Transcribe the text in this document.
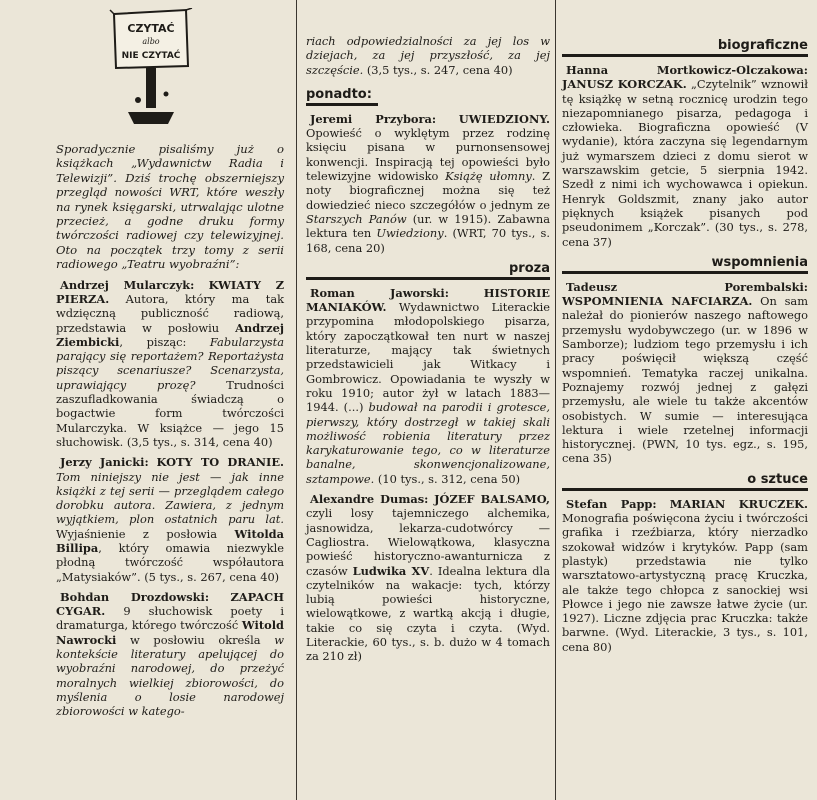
CZYTAĆ
albo
NIE CZYTAĆ

Sporadycznie pisaliśmy już o książkach „Wydawnictw Radia i Telewizji”. Dziś trochę obszerniejszy przegląd nowości WRT, które weszły na rynek księgarski, utrwalając ulotne przecież, a godne druku formy twórczości radiowej czy telewizyjnej. Oto na początek trzy tomy z serii radiowego „Teatru wyobraźni”:

Andrzej Mularczyk: KWIATY Z PIERZA. Autora, który ma tak wdzięczną publiczność radiową, przedstawia w posłowiu Andrzej Ziembicki, pisząc: Fabularzysta parający się reportażem? Reportażysta piszący scenariusze? Scenarzysta, uprawiający prozę?	Trudności zaszufladkowania świadczą o bogactwie form twórczości Mularczyka. W książce — jego 15 słuchowisk. (3,5 tys., s. 314, cena 40)

Jerzy Janicki: KOTY TO DRANIE. Tom niniejszy nie jest — jak inne książki z tej serii — przeglądem całego dorobku autora. Zawiera, z jednym wyjątkiem, plon ostatnich paru lat. Wyjaśnienie z posłowia Witolda Billipa, który omawia niezwykle płodną twórczość współautora „Matysiaków”. (5 tys., s. 267, cena 40)

Bohdan Drozdowski: ZAPACH CYGAR. 9 słuchowisk poety i dramaturga, którego twórczość Witold Nawrocki w posłowiu określa w kontekście literatury apelującej do wyobraźni narodowej, do przeżyć moralnych wielkiej zbiorowości, do myślenia o losie narodowej zbiorowości w katego-

riach odpowiedzialności za jej los w dziejach, za jej przyszłość, za jej szczęście. (3,5 tys., s. 247, cena 40)

ponadto:

Jeremi Przybora: UWIEDZIONY. Opowieść o wyklętym przez rodzinę księciu pisana w purnonsensowej konwencji. Inspiracją tej opowieści było telewizyjne widowisko Książę ułomny. Z noty biograficznej można się też dowiedzieć nieco szczegółów o jednym ze Starszych Panów (ur. w 1915). Zabawna lektura ten Uwiedziony. (WRT, 70 tys., s. 168, cena 20)

proza

Roman Jaworski:	HISTORIE MANIAKÓW. Wydawnictwo Literackie przypomina młodopolskiego pisarza, który zapoczątkował ten nurt w naszej literaturze, mający tak świetnych przedstawicieli jak Witkacy i Gombrowicz. Opowiadania te wyszły w roku 1910; autor żył w latach 1883—1944. (...) budował na parodii i grotesce, pierwszy, który dostrzegł w takiej skali możliwość robienia literatury przez karykaturowanie tego, co w literaturze banalne, skonwencjonalizowane, sztampowe. (10 tys., s. 312, cena 50)

Alexandre Dumas: JÓZEF BALSAMO, czyli losy tajemniczego alchemika, jasnowidza, lekarza-cudotwórcy — Cagliostra. Wielowątkowa, klasyczna powieść historyczno-awanturnicza z czasów Ludwika XV. Idealna lektura dla czytelników na wakacje: tych, którzy lubią powieści historyczne, wielowątkowe, z wartką akcją i długie, takie co się czyta i czyta. (Wyd. Literackie, 60 tys., s. b. dużo w 4 tomach za 210 zł)

biograficzne

Hanna Mortkowicz-Olczakowa: JANUSZ KORCZAK. „Czytelnik” wznowił tę książkę w setną rocznicę urodzin tego niezapomnianego pisarza, pedagoga i człowieka. Biograficzna opowieść (V wydanie), która zaczyna się legendarnym już wymarszem dzieci z domu sierot w warszawskim getcie, 5 sierpnia 1942. Szedł z nimi ich wychowawca i opiekun. Henryk Goldszmit, znany jako autor pięknych książek pisanych pod pseudonimem „Korczak”. (30 tys., s. 278, cena 37)

wspomnienia

Tadeusz Porembalski: WSPOMNIENIA NAFCIARZA. On sam należał do pionierów naszego naftowego przemysłu wydobywczego (ur. w 1896 w Samborze); ludziom tego przemysłu i ich pracy poświęcił większą część wspomnień. Tematyka raczej unikalna. Poznajemy rozwój jednej z gałęzi przemysłu, ale wiele tu także akcentów osobistych. W sumie — interesująca lektura i wiele rzetelnej informacji historycznej. (PWN, 10 tys. egz., s. 195, cena 35)

o sztuce

Stefan Papp: MARIAN KRUCZEK. Monografia poświęcona życiu i twórczości grafika i rzeźbiarza, który nierzadko szokował widzów i krytyków. Papp (sam plastyk) przedstawia nie tylko warsztatowo-artystyczną pracę Kruczka, ale także tego chłopca z sanockiej wsi Płowce i jego nie zawsze łatwe życie (ur. 1927). Liczne zdjęcia prac Kruczka: także barwne. (Wyd. Literackie, 3 tys., s. 101, cena 80)
